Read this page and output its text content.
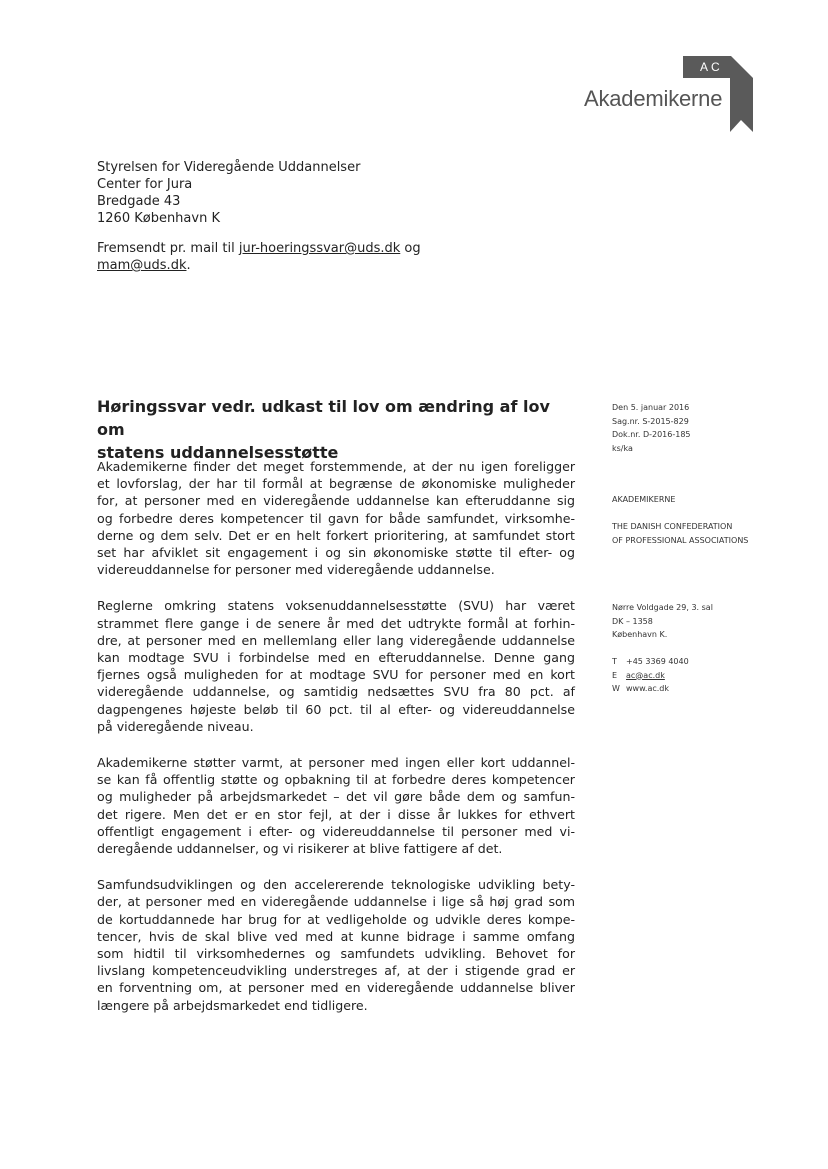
Akademikerne
AC
Styrelsen for Videregående Uddannelser
Center for Jura
Bredgade 43
1260 København K
Fremsendt pr. mail til jur-hoeringssvar@uds.dk og
mam@uds.dk.
Høringssvar vedr. udkast til lov om ændring af lov om
statens uddannelsesstøtte
Akademikerne finder det meget forstemmende, at der nu igen foreligger
et lovforslag, der har til formål at begrænse de økonomiske muligheder
for, at personer med en videregående uddannelse kan efteruddanne sig
og forbedre deres kompetencer til gavn for både samfundet, virksomhe-
derne og dem selv. Det er en helt forkert prioritering, at samfundet stort
set har afviklet sit engagement i og sin økonomiske støtte til efter- og
videreuddannelse for personer med videregående uddannelse.
Reglerne omkring statens voksenuddannelsesstøtte (SVU) har været
strammet flere gange i de senere år med det udtrykte formål at forhin-
dre, at personer med en mellemlang eller lang videregående uddannelse
kan modtage SVU i forbindelse med en efteruddannelse. Denne gang
fjernes også muligheden for at modtage SVU for personer med en kort
videregående uddannelse, og samtidig nedsættes SVU fra 80 pct. af
dagpengenes højeste beløb til 60 pct. til al efter- og videreuddannelse
på videregående niveau.
Akademikerne støtter varmt, at personer med ingen eller kort uddannel-
se kan få offentlig støtte og opbakning til at forbedre deres kompetencer
og muligheder på arbejdsmarkedet – det vil gøre både dem og samfun-
det rigere. Men det er en stor fejl, at der i disse år lukkes for ethvert
offentligt engagement i efter- og videreuddannelse til personer med vi-
deregående uddannelser, og vi risikerer at blive fattigere af det.
Samfundsudviklingen og den accelererende teknologiske udvikling bety-
der, at personer med en videregående uddannelse i lige så høj grad som
de kortuddannede har brug for at vedligeholde og udvikle deres kompe-
tencer, hvis de skal blive ved med at kunne bidrage i samme omfang
som hidtil til virksomhedernes og samfundets udvikling. Behovet for
livslang kompetenceudvikling understreges af, at der i stigende grad er
en forventning om, at personer med en videregående uddannelse bliver
længere på arbejdsmarkedet end tidligere.
Den 5. januar 2016
Sag.nr. S-2015-829
Dok.nr. D-2016-185
ks/ka
AKADEMIKERNE
THE DANISH CONFEDERATION
OF PROFESSIONAL ASSOCIATIONS
Nørre Voldgade 29, 3. sal
DK – 1358
København K.
T +45 3369 4040
E ac@ac.dk
W www.ac.dk
